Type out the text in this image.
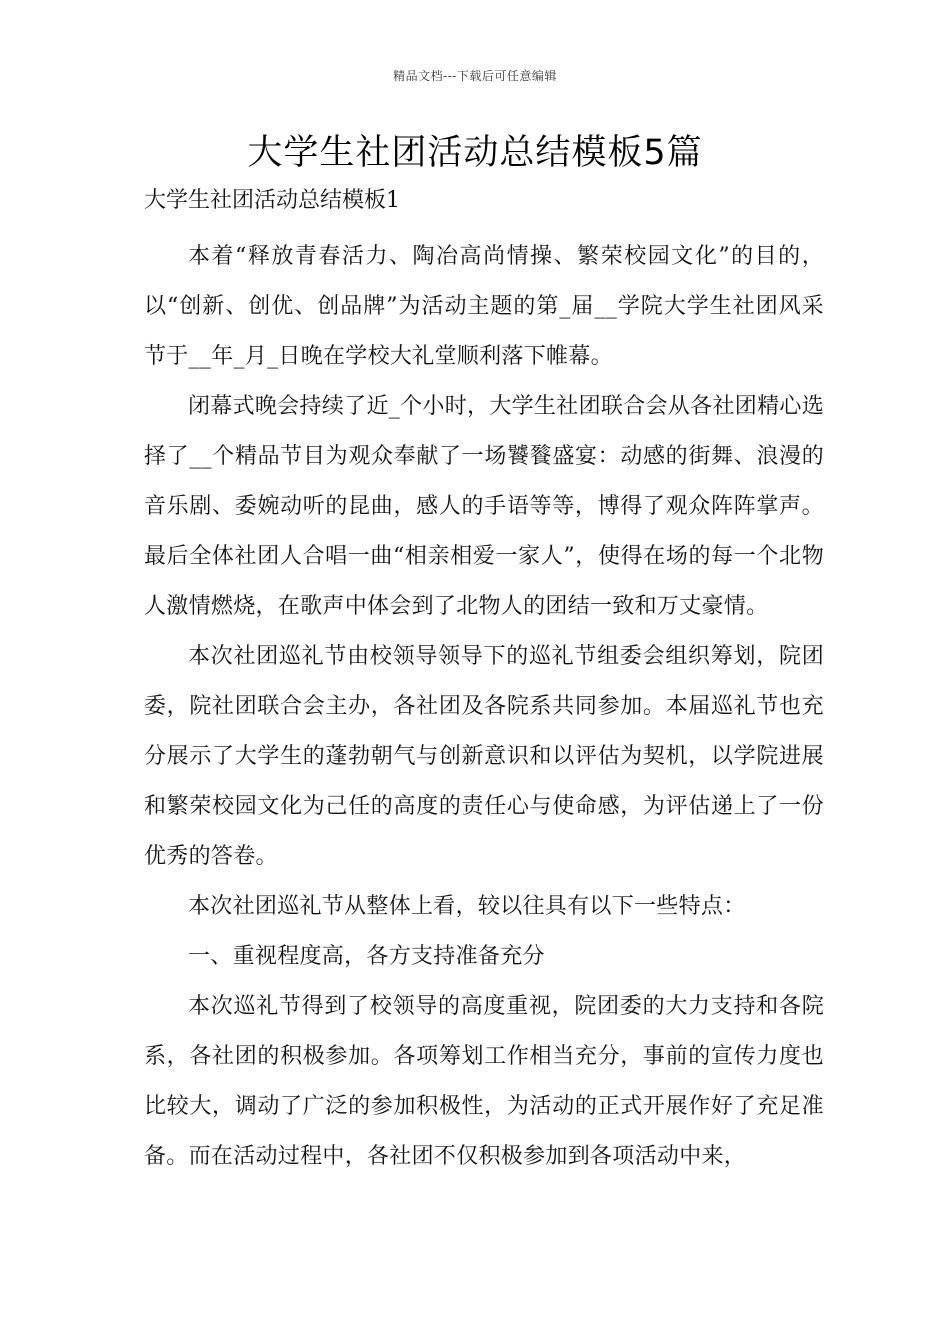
精品文档---下载后可任意编辑
大学生社团活动总结模板5篇

大学生社团活动总结模板1

本着“释放青春活力、陶冶高尚情操、繁荣校园文化”的目的，以“创新、创优、创品牌”为活动主题的第_届__学院大学生社团风采节于__年_月_日晚在学校大礼堂顺利落下帷幕。

闭幕式晚会持续了近_个小时，大学生社团联合会从各社团精心选择了__个精品节目为观众奉献了一场饕餮盛宴：动感的街舞、浪漫的音乐剧、委婉动听的昆曲，感人的手语等等，博得了观众阵阵掌声。最后全体社团人合唱一曲“相亲相爱一家人”，使得在场的每一个北物人激情燃烧，在歌声中体会到了北物人的团结一致和万丈豪情。

本次社团巡礼节由校领导领导下的巡礼节组委会组织筹划，院团委，院社团联合会主办，各社团及各院系共同参加。本届巡礼节也充分展示了大学生的蓬勃朝气与创新意识和以评估为契机，以学院进展和繁荣校园文化为己任的高度的责任心与使命感，为评估递上了一份优秀的答卷。

本次社团巡礼节从整体上看，较以往具有以下一些特点：

一、重视程度高，各方支持准备充分

本次巡礼节得到了校领导的高度重视，院团委的大力支持和各院系，各社团的积极参加。各项筹划工作相当充分，事前的宣传力度也比较大，调动了广泛的参加积极性，为活动的正式开展作好了充足准备。而在活动过程中，各社团不仅积极参加到各项活动中来，
